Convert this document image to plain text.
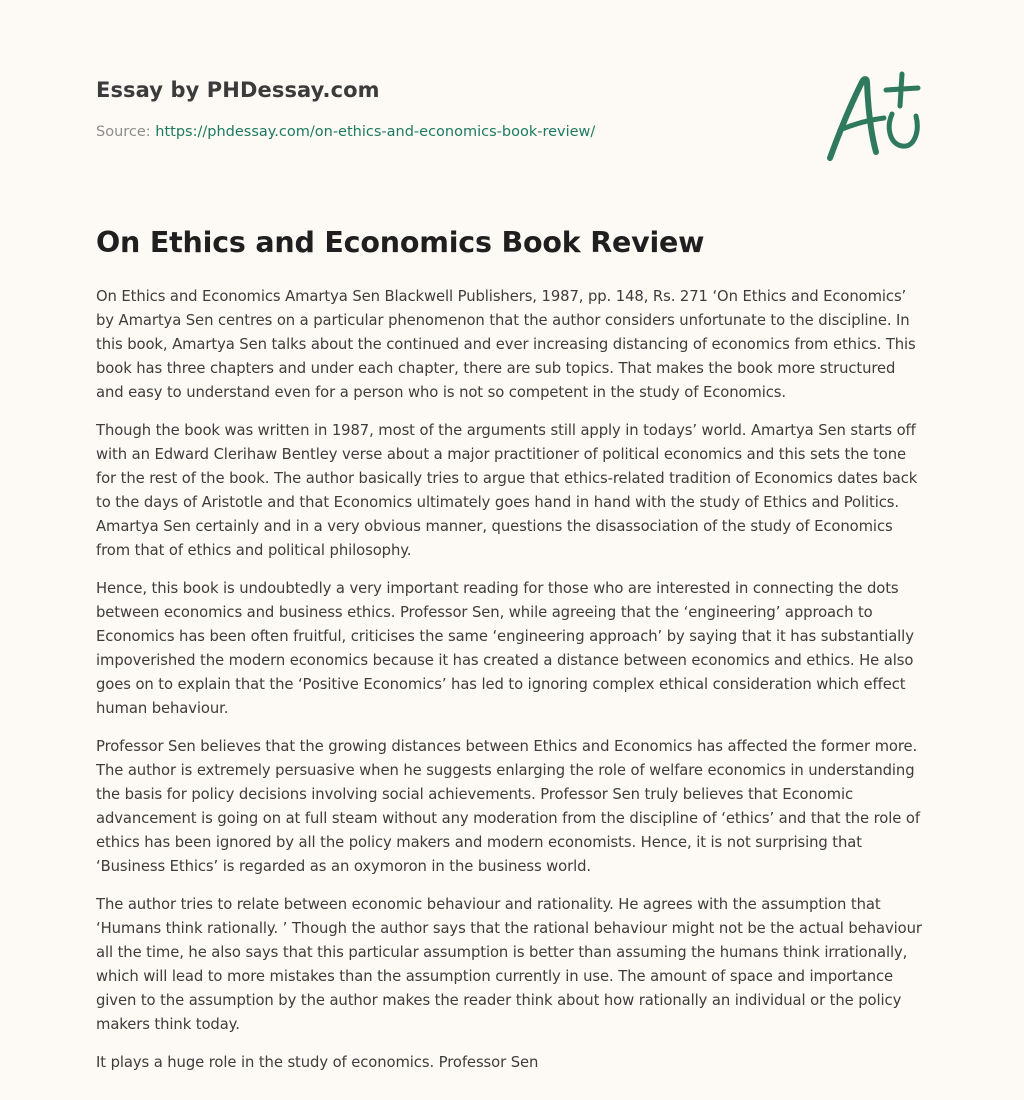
Essay by PHDessay.com
Source: https://phdessay.com/on-ethics-and-economics-book-review/
On Ethics and Economics Book Review

On Ethics and Economics Amartya Sen Blackwell Publishers, 1987, pp. 148, Rs. 271 ‘On Ethics and Economics’ by Amartya Sen centres on a particular phenomenon that the author considers unfortunate to the discipline. In this book, Amartya Sen talks about the continued and ever increasing distancing of economics from ethics. This book has three chapters and under each chapter, there are sub topics. That makes the book more structured and easy to understand even for a person who is not so competent in the study of Economics.

Though the book was written in 1987, most of the arguments still apply in todays’ world. Amartya Sen starts off with an Edward Clerihaw Bentley verse about a major practitioner of political economics and this sets the tone for the rest of the book. The author basically tries to argue that ethics-related tradition of Economics dates back to the days of Aristotle and that Economics ultimately goes hand in hand with the study of Ethics and Politics. Amartya Sen certainly and in a very obvious manner, questions the disassociation of the study of Economics from that of ethics and political philosophy.

Hence, this book is undoubtedly a very important reading for those who are interested in connecting the dots between economics and business ethics. Professor Sen, while agreeing that the ‘engineering’ approach to Economics has been often fruitful, criticises the same ‘engineering approach’ by saying that it has substantially impoverished the modern economics because it has created a distance between economics and ethics. He also goes on to explain that the ‘Positive Economics’ has led to ignoring complex ethical consideration which effect human behaviour.

Professor Sen believes that the growing distances between Ethics and Economics has affected the former more. The author is extremely persuasive when he suggests enlarging the role of welfare economics in understanding the basis for policy decisions involving social achievements. Professor Sen truly believes that Economic advancement is going on at full steam without any moderation from the discipline of ‘ethics’ and that the role of ethics has been ignored by all the policy makers and modern economists. Hence, it is not surprising that ‘Business Ethics’ is regarded as an oxymoron in the business world.

The author tries to relate between economic behaviour and rationality. He agrees with the assumption that ‘Humans think rationally. ’ Though the author says that the rational behaviour might not be the actual behaviour all the time, he also says that this particular assumption is better than assuming the humans think irrationally, which will lead to more mistakes than the assumption currently in use. The amount of space and importance given to the assumption by the author makes the reader think about how rationally an individual or the policy makers think today.

It plays a huge role in the study of economics. Professor Sen
